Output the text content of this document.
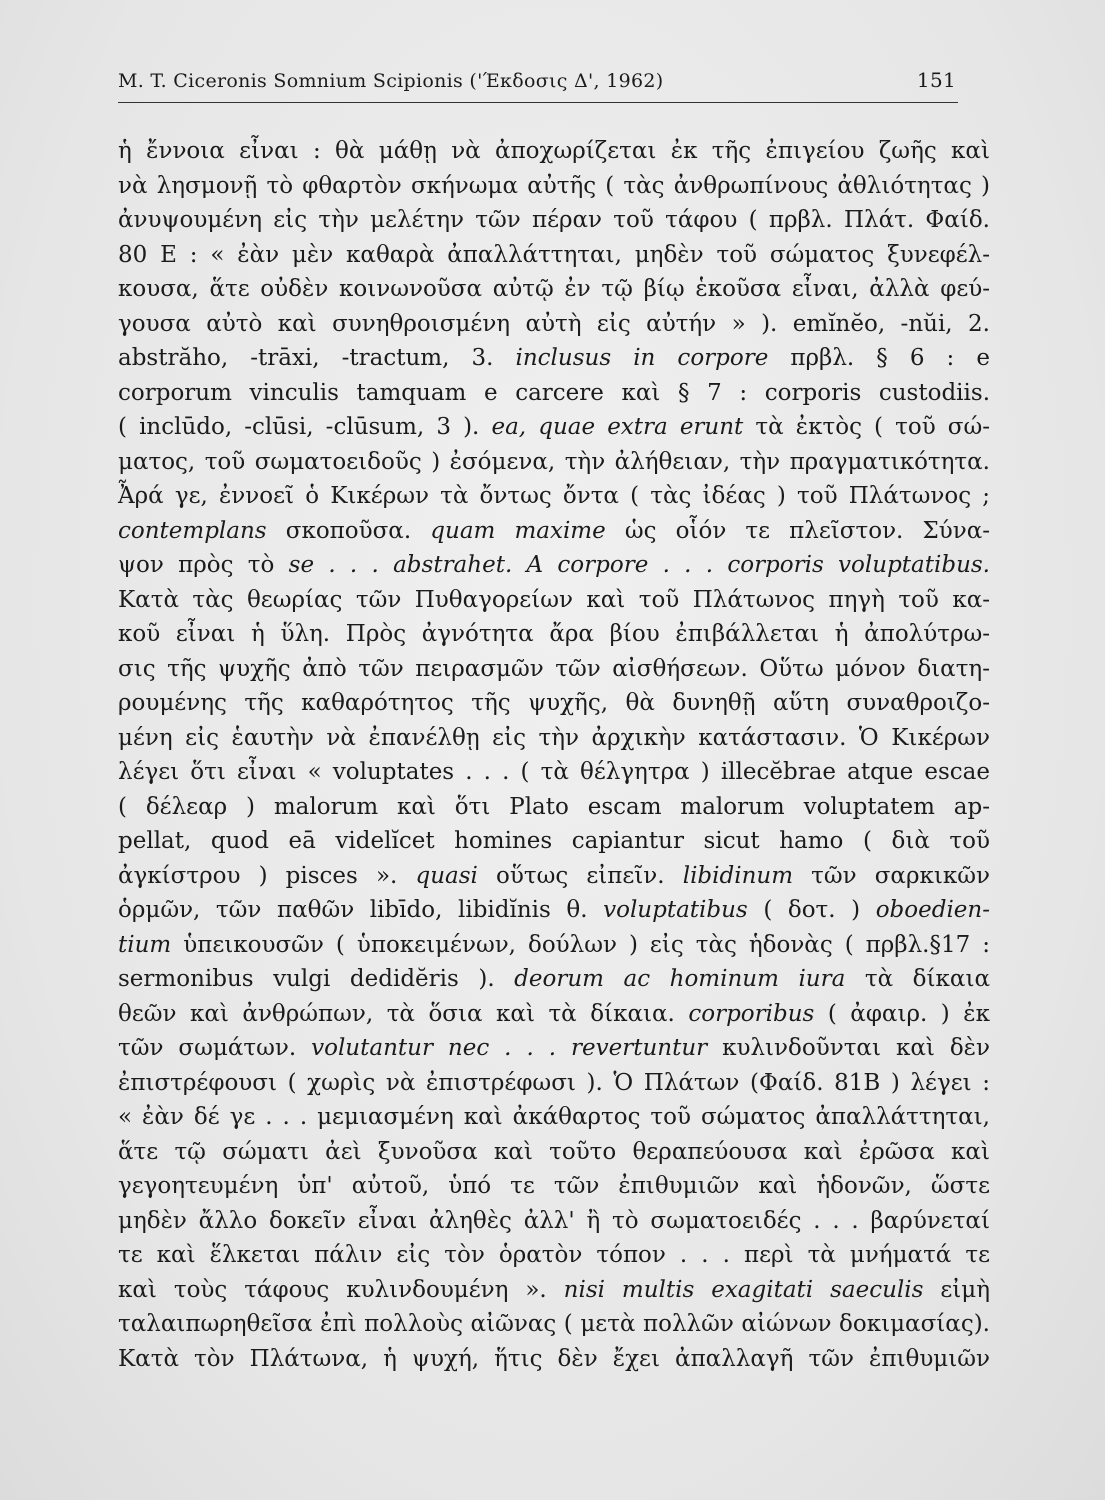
M. T. Ciceronis Somnium Scipionis ('Έκδοσις Δ', 1962)	151
ἡ ἔννοια εἶναι : θὰ μάθῃ νὰ ἀποχωρίζεται ἐκ τῆς ἐπιγείου ζωῆς καὶ
νὰ λησμονῇ τὸ φθαρτὸν σκήνωμα αὐτῆς ( τὰς ἀνθρωπίνους ἀθλιότητας )
ἀνυψουμένη εἰς τὴν μελέτην τῶν πέραν τοῦ τάφου ( πρβλ. Πλάτ. Φαίδ.
80 Ε : « ἐὰν μὲν καθαρὰ ἀπαλλάττηται, μηδὲν τοῦ σώματος ξυνεφέλ-
κουσα, ἅτε οὐδὲν κοινωνοῦσα αὐτῷ ἐν τῷ βίῳ ἑκοῦσα εἶναι, ἀλλὰ φεύ-
γουσα αὐτὸ καὶ συνηθροισμένη αὐτὴ εἰς αὐτήν » ). emĭnĕo, -nŭi, 2.
abstrăho, -trāxi, -tractum, 3. inclusus in corpore πρβλ. § 6 : e
corporum vinculis tamquam e carcere καὶ § 7 : corporis custodiis.
( inclūdo, -clūsi, -clūsum, 3 ). ea, quae extra erunt τὰ ἐκτὸς ( τοῦ σώ-
ματος, τοῦ σωματοειδοῦς ) ἐσόμενα, τὴν ἀλήθειαν, τὴν πραγματικότητα.
Ἆρά γε, ἐννοεῖ ὁ Κικέρων τὰ ὄντως ὄντα ( τὰς ἰδέας ) τοῦ Πλάτωνος ;
contemplans σκοποῦσα. quam maxime ὡς οἷόν τε πλεῖστον. Σύνα-
ψον πρὸς τὸ se . . . abstrahet. A corpore . . . corporis voluptatibus.
Κατὰ τὰς θεωρίας τῶν Πυθαγορείων καὶ τοῦ Πλάτωνος πηγὴ τοῦ κα-
κοῦ εἶναι ἡ ὕλη. Πρὸς ἀγνότητα ἄρα βίου ἐπιβάλλεται ἡ ἀπολύτρω-
σις τῆς ψυχῆς ἀπὸ τῶν πειρασμῶν τῶν αἰσθήσεων. Οὕτω μόνον διατη-
ρουμένης τῆς καθαρότητος τῆς ψυχῆς, θὰ δυνηθῇ αὕτη συναθροιζο-
μένη εἰς ἑαυτὴν νὰ ἐπανέλθῃ εἰς τὴν ἀρχικὴν κατάστασιν. Ὁ Κικέρων
λέγει ὅτι εἶναι « voluptates . . . ( τὰ θέλγητρα ) illecĕbrae atque escae
( δέλεαρ ) malorum καὶ ὅτι Plato escam malorum voluptatem ap-
pellat, quod eā videlĭcet homines capiantur sicut hamo ( διὰ τοῦ
ἀγκίστρου ) pisces ». quasi οὕτως εἰπεῖν. libidinum τῶν σαρκικῶν
ὁρμῶν, τῶν παθῶν libīdo, libidĭnis θ. voluptatibus ( δοτ. ) oboedien-
tium ὑπεικουσῶν ( ὑποκειμένων, δούλων ) εἰς τὰς ἡδονὰς ( πρβλ.§17 :
sermonibus vulgi dedidĕris ). deorum ac hominum iura τὰ δίκαια
θεῶν καὶ ἀνθρώπων, τὰ ὅσια καὶ τὰ δίκαια. corporibus ( ἀφαιρ. ) ἐκ
τῶν σωμάτων. volutantur nec . . . revertuntur κυλινδοῦνται καὶ δὲν
ἐπιστρέφουσι ( χωρὶς νὰ ἐπιστρέφωσι ). Ὁ Πλάτων (Φαίδ. 81Β ) λέγει :
« ἐὰν δέ γε . . . μεμιασμένη καὶ ἀκάθαρτος τοῦ σώματος ἀπαλλάττηται,
ἅτε τῷ σώματι ἀεὶ ξυνοῦσα καὶ τοῦτο θεραπεύουσα καὶ ἐρῶσα καὶ
γεγοητευμένη ὑπ' αὐτοῦ, ὑπό τε τῶν ἐπιθυμιῶν καὶ ἡδονῶν, ὥστε
μηδὲν ἄλλο δοκεῖν εἶναι ἀληθὲς ἀλλ' ἢ τὸ σωματοειδές . . . βαρύνεταί
τε καὶ ἕλκεται πάλιν εἰς τὸν ὁρατὸν τόπον . . . περὶ τὰ μνήματά τε
καὶ τοὺς τάφους κυλινδουμένη ». nisi multis exagitati saeculis εἰμὴ
ταλαιπωρηθεῖσα ἐπὶ πολλοὺς αἰῶνας ( μετὰ πολλῶν αἰώνων δοκιμασίας).
Κατὰ τὸν Πλάτωνα, ἡ ψυχή, ἥτις δὲν ἔχει ἀπαλλαγῆ τῶν ἐπιθυμιῶν
